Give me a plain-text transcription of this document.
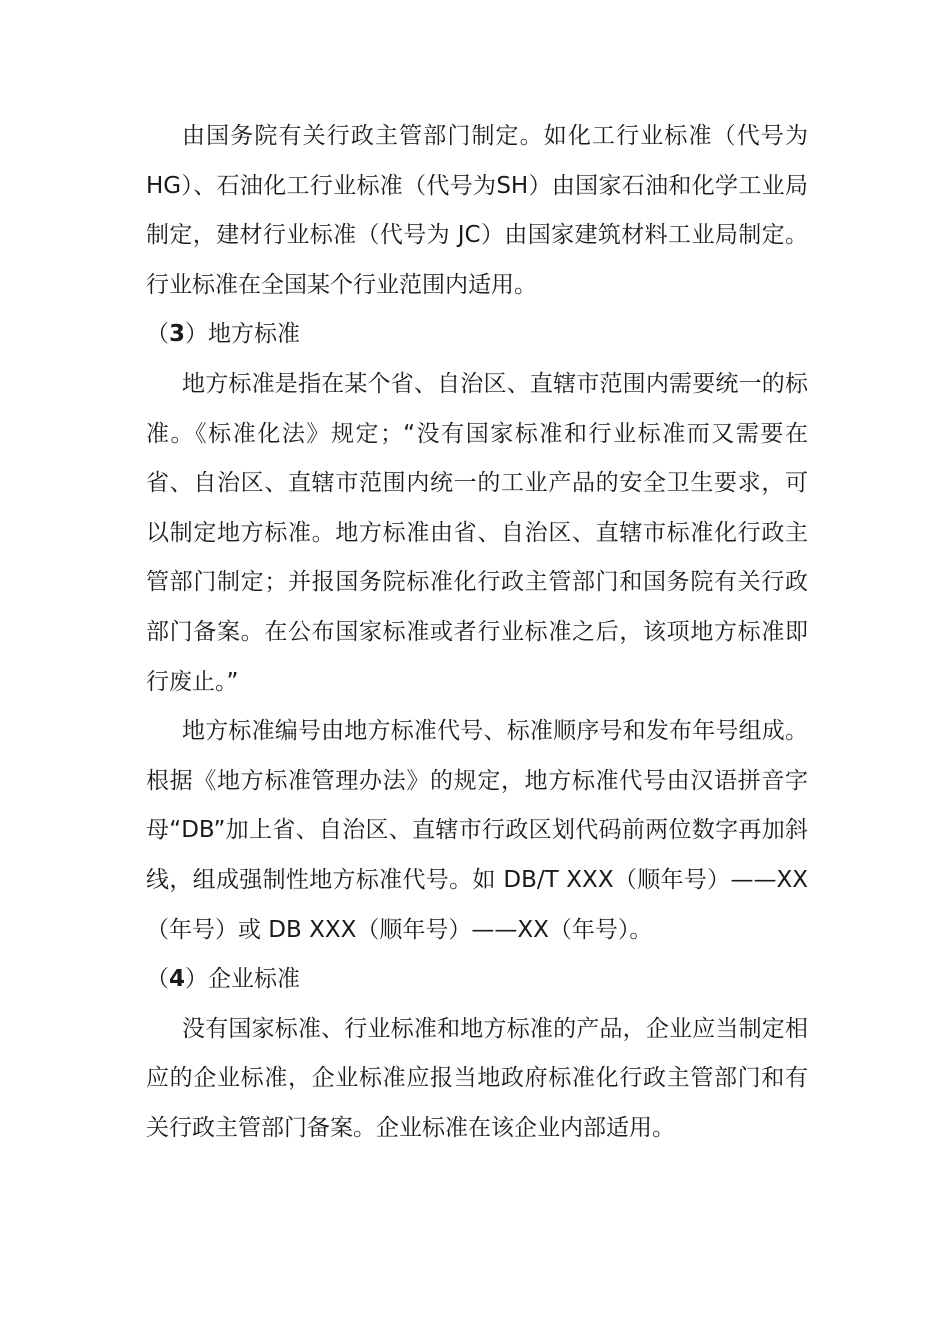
由国务院有关行政主管部门制定。如化工行业标准（代号为HG）、石油化工行业标准（代号为SH）由国家石油和化学工业局制定，建材行业标准（代号为 JC）由国家建筑材料工业局制定。行业标准在全国某个行业范围内适用。

（3）地方标准

地方标准是指在某个省、自治区、直辖市范围内需要统一的标准。《标准化法》规定；“没有国家标准和行业标准而又需要在省、自治区、直辖市范围内统一的工业产品的安全卫生要求，可以制定地方标准。地方标准由省、自治区、直辖市标准化行政主管部门制定；并报国务院标准化行政主管部门和国务院有关行政部门备案。在公布国家标准或者行业标准之后，该项地方标准即行废止。”

地方标准编号由地方标准代号、标准顺序号和发布年号组成。根据《地方标准管理办法》的规定，地方标准代号由汉语拼音字母“DB”加上省、自治区、直辖市行政区划代码前两位数字再加斜线，组成强制性地方标准代号。如 DB/T XXX（顺年号）——XX（年号）或 DB XXX（顺年号）——XX（年号）。

（4）企业标准

没有国家标准、行业标准和地方标准的产品，企业应当制定相应的企业标准，企业标准应报当地政府标准化行政主管部门和有关行政主管部门备案。企业标准在该企业内部适用。
